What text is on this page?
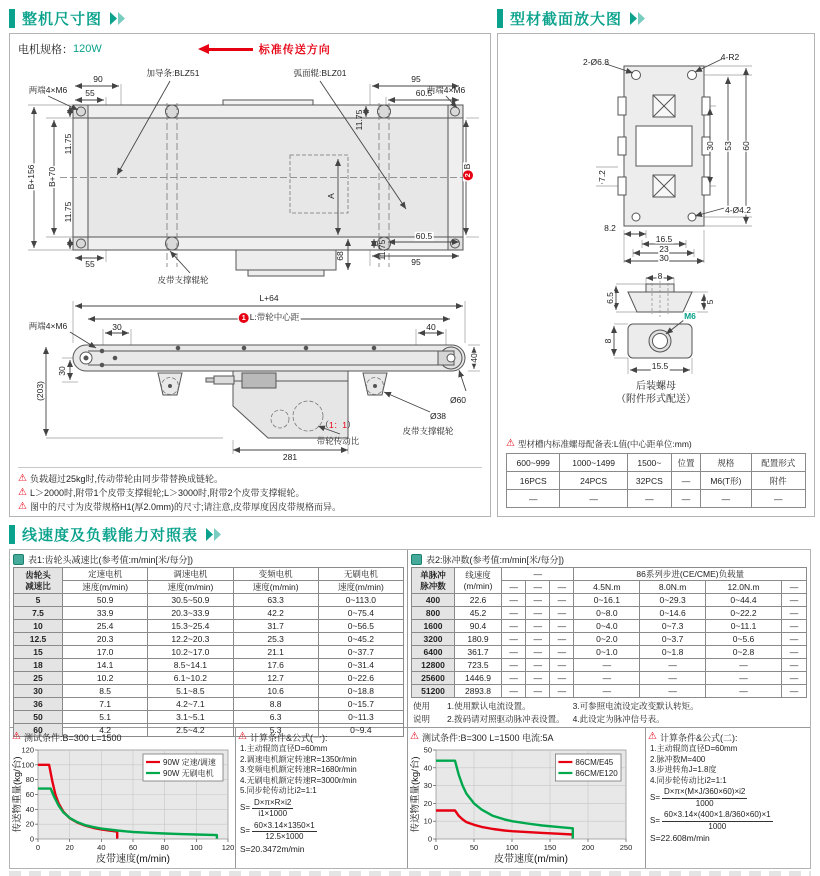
整机尺寸图
电机规格： 120W	标准传送方向
两端4×M6
90
55
加导条:BLZ51	弧面辊:BLZ01
95
60.5
11.75
两端4×M6
B+156 B+70
11.75
11.75
A
2B
68
55
60.5
95
11.75
皮带支撑辊轮
L+64
1 L:带轮中心距
两端4×M6	30
30
(203)
40
40
Ø60
Ø38
皮带支撑辊轮
（1：1）
带轮传动比
281
⚠ 负载超过25kg时,传动带轮由同步带替换成链轮。
⚠ L＞2000时,附带1个皮带支撑辊轮;L＞3000时,附带2个皮带支撑辊轮。
⚠ 图中的尺寸为皮带规格H1(厚2.0mm)的尺寸;请注意,皮带厚度因皮带规格而异。
型材截面放大图
2-Ø6.8	4-R2
30 53 60
7.2
8.2
16.5
23
30
4-Ø4.2
8
6.5	5
M6
8
15.5
后装螺母
（附件形式配送）
⚠ 型材槽内标准螺母配备表:L值(中心距单位:mm)
600~999	1000~1499	1500~	位置	规格	配置形式
16PCS	24PCS	32PCS	—	M6(T形)	附件
—	—	—	—	—	—
线速度及负载能力对照表
表1:齿轮头减速比(参考值:m/min[米/每分])
齿轮头
减速比	定速电机	调速电机	变频电机	无刷电机
	速度(m/min)	速度(m/min)	速度(m/min)	速度(m/min)
5	50.9	30.5~50.9	63.3	0~113.0
7.5	33.9	20.3~33.9	42.2	0~75.4
10	25.4	15.3~25.4	31.7	0~56.5
12.5	20.3	12.2~20.3	25.3	0~45.2
15	17.0	10.2~17.0	21.1	0~37.7
18	14.1	8.5~14.1	17.6	0~31.4
25	10.2	6.1~10.2	12.7	0~22.6
30	8.5	5.1~8.5	10.6	0~18.8
36	7.1	4.2~7.1	8.8	0~15.7
50	5.1	3.1~5.1	6.3	0~11.3
60	4.2	2.5~4.2	5.3	0~9.4
⚠ 测试条件:B=300 L=1500
0	20	40	60	80	100	120
0
20
40
60
80
100
120
90W 定速/调速
90W 无刷电机
皮带速度(m/min)
传送物重量(kg/台)
⚠ 计算条件&公式(一):
1.主动辊筒直径D=60mm
2.调速电机额定转速R=1350r/min
3.变频电机额定转速R=1680r/min
4.无刷电机额定转速R=3000r/min
5.同步轮传动比i2=1:1
$S= \frac{D\times\pi\times R\times i2}{i1\times 1000}$
$S= \frac{60\times 3.14\times 1350\times 1}{12.5\times 1000}$
S=20.3472m/min
表2:脉冲数(参考值:m/min[米/每分])
单脉冲
脉冲数

线速度
(m/min)
	—	86系列步进(CE/CME)负载量
		—	—	—	4.5N.m	8.0N.m	12.0N.m	—
400	22.6	—	—	—	0~16.1	0~29.3	0~44.4	—
800	45.2	—	—	—	0~8.0	0~14.6	0~22.2	—
1600	90.4	—	—	—	0~4.0	0~7.3	0~11.1	—
3200	180.9	—	—	—	0~2.0	0~3.7	0~5.6	—
6400	361.7	—	—	—	0~1.0	0~1.8	0~2.8	—
12800	723.5	—	—	—	—	—	—	—
25600	1446.9	—	—	—	—	—	—	—
51200	2893.8	—	—	—	—	—	—	—
使用
说明
1.使用默认电流设置。
2.拨码请对照驱动脉冲表设置。
3.可参照电流设定改变默认转矩。
4.此设定为脉冲信号表。
⚠ 测试条件:B=300 L=1500 电流:5A
0	50	100	150	200	250
0
10
20
30
40
50
86CM/E45
86CM/E120
皮带速度(m/min)
传送物重量(kg/台)
⚠ 计算条件&公式(二):
1.主动辊筒直径D=60mm
2.脉冲数M=400
3.步进转角J=1.8度
4.同步轮传动比i2=1:1
$S= \frac{D\times\pi\times(M\times J/360\times 60)\times i2}{1000}$
$S= \frac{60\times 3.14\times(400\times 1.8/360\times 60)\times 1}{1000}$
S=22.608m/min
